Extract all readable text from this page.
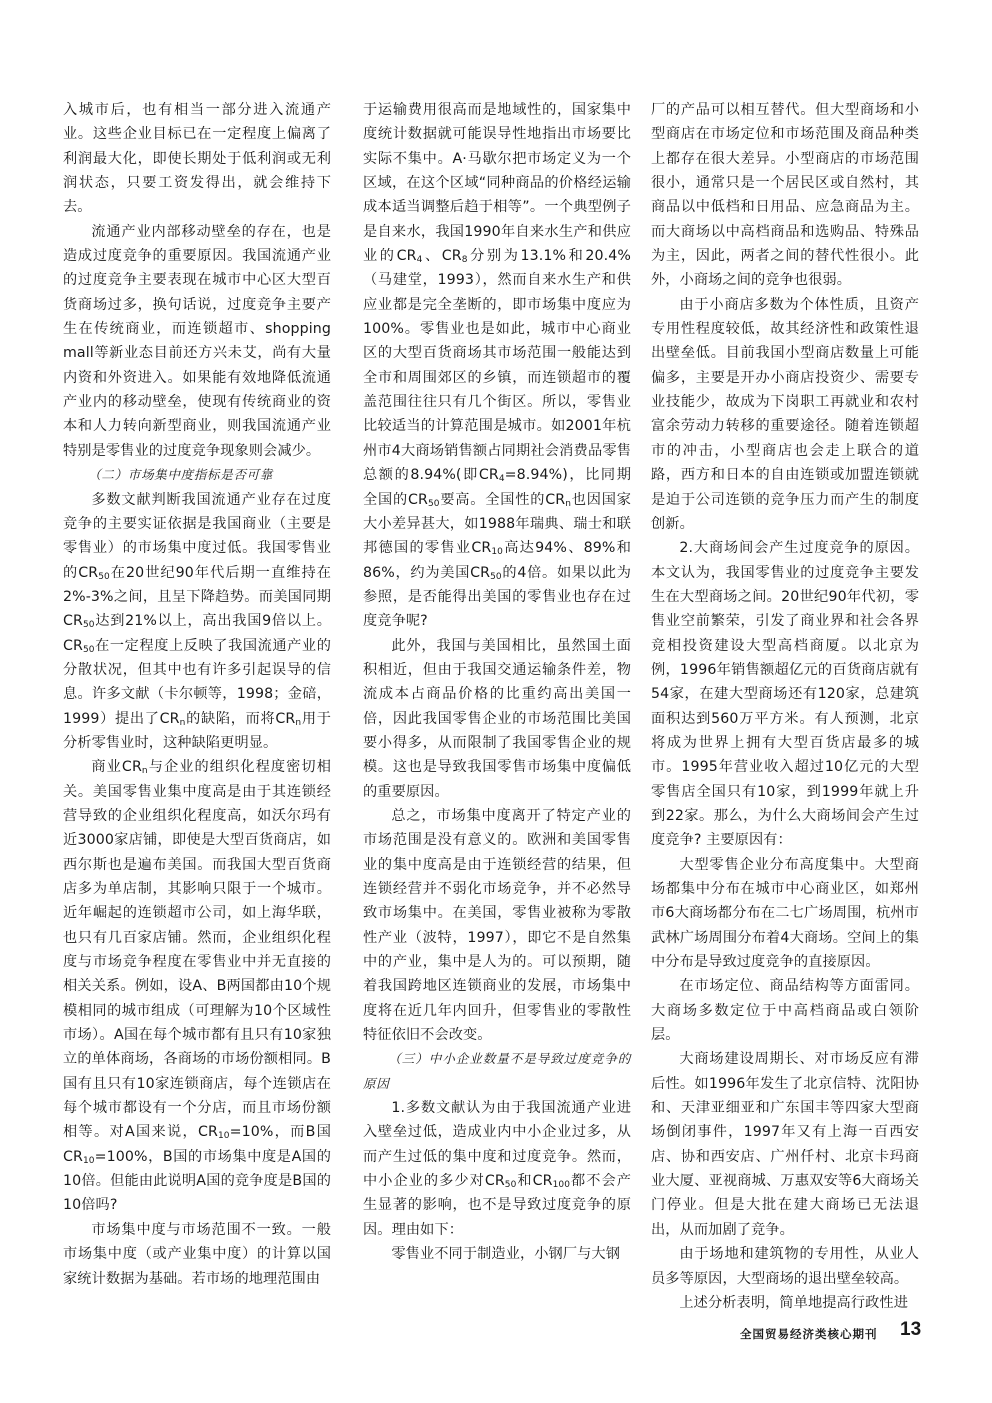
入城市后，也有相当一部分进入流通产业。这些企业目标已在一定程度上偏离了利润最大化，即使长期处于低利润或无利润状态，只要工资发得出，就会维持下去。

流通产业内部移动壁垒的存在，也是造成过度竞争的重要原因。我国流通产业的过度竞争主要表现在城市中心区大型百货商场过多，换句话说，过度竞争主要产生在传统商业，而连锁超市、shopping mall等新业态目前还方兴未艾，尚有大量内资和外资进入。如果能有效地降低流通产业内的移动壁垒，使现有传统商业的资本和人力转向新型商业，则我国流通产业特别是零售业的过度竞争现象则会减少。

（二）市场集中度指标是否可靠

多数文献判断我国流通产业存在过度竞争的主要实证依据是我国商业（主要是零售业）的市场集中度过低。我国零售业的$CR_{50}$在20世纪90年代后期一直维持在2%-3%之间，且呈下降趋势。而美国同期$CR_{50}$达到21%以上，高出我国9倍以上。$CR_{50}$在一定程度上反映了我国流通产业的分散状况，但其中也有许多引起误导的信息。许多文献（卡尔顿等，1998；金碚，1999）提出了$CR_n$的缺陷，而将$CR_n$用于分析零售业时，这种缺陷更明显。

商业$CR_n$与企业的组织化程度密切相关。美国零售业集中度高是由于其连锁经营导致的企业组织化程度高，如沃尔玛有近3000家店铺，即使是大型百货商店，如西尔斯也是遍布美国。而我国大型百货商店多为单店制，其影响只限于一个城市。近年崛起的连锁超市公司，如上海华联，也只有几百家店铺。然而，企业组织化程度与市场竞争程度在零售业中并无直接的相关关系。例如，设A、B两国都由10个规模相同的城市组成（可理解为10个区域性市场）。A国在每个城市都有且只有10家独立的单体商场，各商场的市场份额相同。B国有且只有10家连锁商店，每个连锁店在每个城市都设有一个分店，而且市场份额相等。对A国来说，$CR_{10}=10\%$，而B国$CR_{10}=100\%$，B国的市场集中度是A国的10倍。但能由此说明A国的竞争度是B国的10倍吗?

市场集中度与市场范围不一致。一般市场集中度（或产业集中度）的计算以国家统计数据为基础。若市场的地理范围由

于运输费用很高而是地域性的，国家集中度统计数据就可能误导性地指出市场要比实际不集中。A·马歇尔把市场定义为一个区域，在这个区域“同种商品的价格经运输成本适当调整后趋于相等”。一个典型例子是自来水，我国1990年自来水生产和供应业的$CR_4$、$CR_8$分别为13.1%和20.4%（马建堂，1993），然而自来水生产和供应业都是完全垄断的，即市场集中度应为100%。零售业也是如此，城市中心商业区的大型百货商场其市场范围一般能达到全市和周围郊区的乡镇，而连锁超市的覆盖范围往往只有几个街区。所以，零售业比较适当的计算范围是城市。如2001年杭州市4大商场销售额占同期社会消费品零售总额的8.94%(即$CR_4=8.94\%$)，比同期全国的$CR_{50}$要高。全国性的$CR_n$也因国家大小差异甚大，如1988年瑞典、瑞士和联邦德国的零售业$CR_{10}$高达94%、89%和86%，约为美国$CR_{50}$的4倍。如果以此为参照，是否能得出美国的零售业也存在过度竞争呢?

此外，我国与美国相比，虽然国土面积相近，但由于我国交通运输条件差，物流成本占商品价格的比重约高出美国一倍，因此我国零售企业的市场范围比美国要小得多，从而限制了我国零售企业的规模。这也是导致我国零售市场集中度偏低的重要原因。

总之，市场集中度离开了特定产业的市场范围是没有意义的。欧洲和美国零售业的集中度高是由于连锁经营的结果，但连锁经营并不弱化市场竞争，并不必然导致市场集中。在美国，零售业被称为零散性产业（波特，1997），即它不是自然集中的产业，集中是人为的。可以预期，随着我国跨地区连锁商业的发展，市场集中度将在近几年内回升，但零售业的零散性特征依旧不会改变。

（三）中小企业数量不是导致过度竞争的原因

1.多数文献认为由于我国流通产业进入壁垒过低，造成业内中小企业过多，从而产生过低的集中度和过度竞争。然而，中小企业的多少对$CR_{50}$和$CR_{100}$都不会产生显著的影响，也不是导致过度竞争的原因。理由如下：

零售业不同于制造业，小钢厂与大钢

厂的产品可以相互替代。但大型商场和小型商店在市场定位和市场范围及商品种类上都存在很大差异。小型商店的市场范围很小，通常只是一个居民区或自然村，其商品以中低档和日用品、应急商品为主。而大商场以中高档商品和选购品、特殊品为主，因此，两者之间的替代性很小。此外，小商场之间的竞争也很弱。

由于小商店多数为个体性质，且资产专用性程度较低，故其经济性和政策性退出壁垒低。目前我国小型商店数量上可能偏多，主要是开办小商店投资少、需要专业技能少，故成为下岗职工再就业和农村富余劳动力转移的重要途径。随着连锁超市的冲击，小型商店也会走上联合的道路，西方和日本的自由连锁或加盟连锁就是迫于公司连锁的竞争压力而产生的制度创新。

2.大商场间会产生过度竞争的原因。本文认为，我国零售业的过度竞争主要发生在大型商场之间。20世纪90年代初，零售业空前繁荣，引发了商业界和社会各界竞相投资建设大型高档商厦。以北京为例，1996年销售额超亿元的百货商店就有54家，在建大型商场还有120家，总建筑面积达到560万平方米。有人预测，北京将成为世界上拥有大型百货店最多的城市。1995年营业收入超过10亿元的大型零售店全国只有10家，到1999年就上升到22家。那么，为什么大商场间会产生过度竞争? 主要原因有：

大型零售企业分布高度集中。大型商场都集中分布在城市中心商业区，如郑州市6大商场都分布在二七广场周围，杭州市武林广场周围分布着4大商场。空间上的集中分布是导致过度竞争的直接原因。

在市场定位、商品结构等方面雷同。大商场多数定位于中高档商品或白领阶层。

大商场建设周期长、对市场反应有滞后性。如1996年发生了北京信特、沈阳协和、天津亚细亚和广东国丰等四家大型商场倒闭事件，1997年又有上海一百西安店、协和西安店、广州仟村、北京卡玛商业大厦、亚视商城、万惠双安等6大商场关门停业。但是大批在建大商场已无法退出，从而加剧了竞争。

由于场地和建筑物的专用性，从业人员多等原因，大型商场的退出壁垒较高。

上述分析表明，简单地提高行政性进

全国贸易经济类核心期刊 13
